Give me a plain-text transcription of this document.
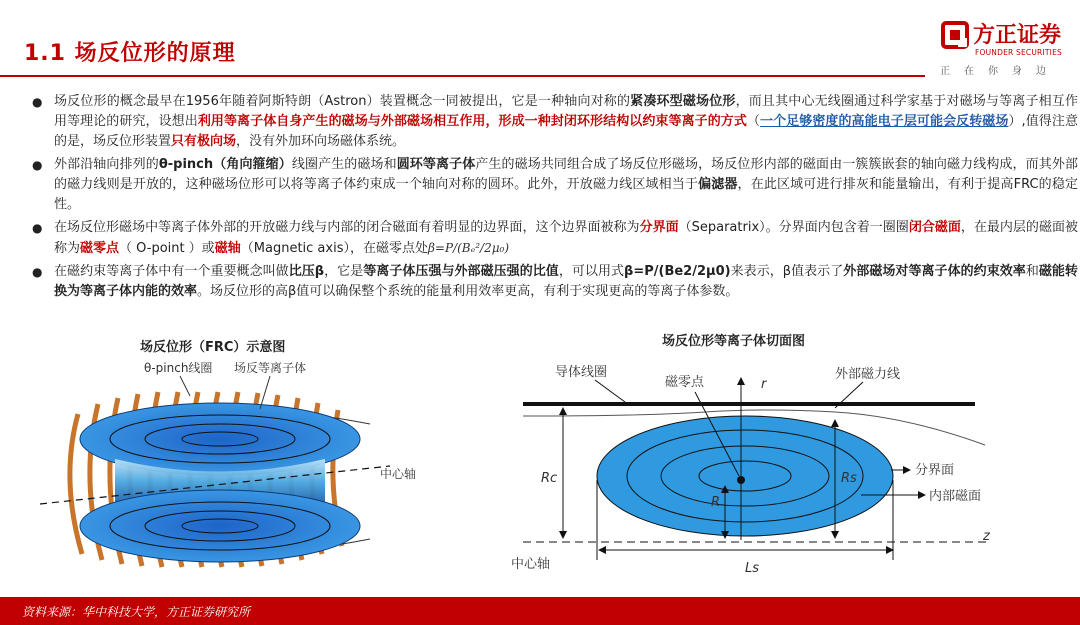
1.1 场反位形的原理
方正证券
FOUNDER SECURITIES
正在你身边
● 场反位形的概念最早在1956年随着阿斯特朗（Astron）装置概念一同被提出，它是一种轴向对称的紧凑环型磁场位形，而且其中心无线圈通过科学家基于对磁场与等离子相互作用等理论的研究，设想出利用等离子体自身产生的磁场与外部磁场相互作用，形成一种封闭环形结构以约束等离子的方式（一个足够密度的高能电子层可能会反转磁场）,值得注意的是，场反位形装置只有极向场，没有外加环向场磁体系统。
● 外部沿轴向排列的θ-pinch（角向箍缩）线圈产生的磁场和圆环等离子体产生的磁场共同组合成了场反位形磁场，场反位形内部的磁面由一簇簇嵌套的轴向磁力线构成，而其外部的磁力线则是开放的，这种磁场位形可以将等离子体约束成一个轴向对称的圆环。此外，开放磁力线区域相当于偏滤器，在此区域可进行排灰和能量输出，有利于提高FRC的稳定性。
● 在场反位形磁场中等离子体外部的开放磁力线与内部的闭合磁面有着明显的边界面，这个边界面被称为分界面（Separatrix）。分界面内包含着一圈圈闭合磁面，在最内层的磁面被称为磁零点（ O-point ）或磁轴（Magnetic axis），在磁零点处β=P/(Bₑ²/2μ₀)
● 在磁约束等离子体中有一个重要概念叫做比压β，它是等离子体压强与外部磁压强的比值，可以用式β=P/(Be2/2μ0)来表示，β值表示了外部磁场对等离子体的约束效率和磁能转换为等离子体内能的效率。场反位形的高β值可以确保整个系统的能量利用效率更高，有利于实现更高的等离子体参数。
场反位形（FRC）示意图
θ-pinch线圈 场反等离子体
中心轴
场反位形等离子体切面图
导体线圈
磁零点	r
外部磁力线
Rc	Rs
R
分界面
内部磁面
中心轴	Ls
z
资料来源：华中科技大学，方正证券研究所
